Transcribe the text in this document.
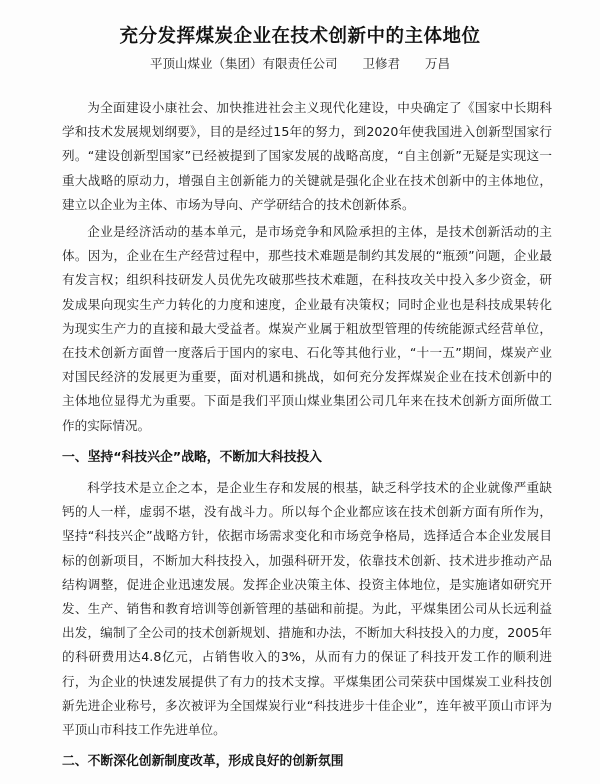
充分发挥煤炭企业在技术创新中的主体地位
平顶山煤业（集团）有限责任公司　　卫修君　　万昌

为全面建设小康社会、加快推进社会主义现代化建设，中央确定了《国家中长期科学和技术发展规划纲要》，目的是经过15年的努力，到2020年使我国进入创新型国家行列。“建设创新型国家”已经被提到了国家发展的战略高度，“自主创新”无疑是实现这一重大战略的原动力，增强自主创新能力的关键就是强化企业在技术创新中的主体地位，建立以企业为主体、市场为导向、产学研结合的技术创新体系。

企业是经济活动的基本单元，是市场竞争和风险承担的主体，是技术创新活动的主体。因为，企业在生产经营过程中，那些技术难题是制约其发展的“瓶颈”问题，企业最有发言权；组织科技研发人员优先攻破那些技术难题，在科技攻关中投入多少资金，研发成果向现实生产力转化的力度和速度，企业最有决策权；同时企业也是科技成果转化为现实生产力的直接和最大受益者。煤炭产业属于粗放型管理的传统能源式经营单位，在技术创新方面曾一度落后于国内的家电、石化等其他行业，“十一五”期间，煤炭产业对国民经济的发展更为重要，面对机遇和挑战，如何充分发挥煤炭企业在技术创新中的主体地位显得尤为重要。下面是我们平顶山煤业集团公司几年来在技术创新方面所做工作的实际情况。

一、坚持“科技兴企”战略，不断加大科技投入

科学技术是立企之本，是企业生存和发展的根基，缺乏科学技术的企业就像严重缺钙的人一样，虚弱不堪，没有战斗力。所以每个企业都应该在技术创新方面有所作为，坚持“科技兴企”战略方针，依据市场需求变化和市场竞争格局，选择适合本企业发展目标的创新项目，不断加大科技投入，加强科研开发，依靠技术创新、技术进步推动产品结构调整，促进企业迅速发展。发挥企业决策主体、投资主体地位，是实施诸如研究开发、生产、销售和教育培训等创新管理的基础和前提。为此，平煤集团公司从长远利益出发，编制了全公司的技术创新规划、措施和办法，不断加大科技投入的力度，2005年的科研费用达4.8亿元，占销售收入的3%，从而有力的保证了科技开发工作的顺利进行，为企业的快速发展提供了有力的技术支撑。平煤集团公司荣获中国煤炭工业科技创新先进企业称号，多次被评为全国煤炭行业“科技进步十佳企业”，连年被平顶山市评为平顶山市科技工作先进单位。

二、不断深化创新制度改革，形成良好的创新氛围
